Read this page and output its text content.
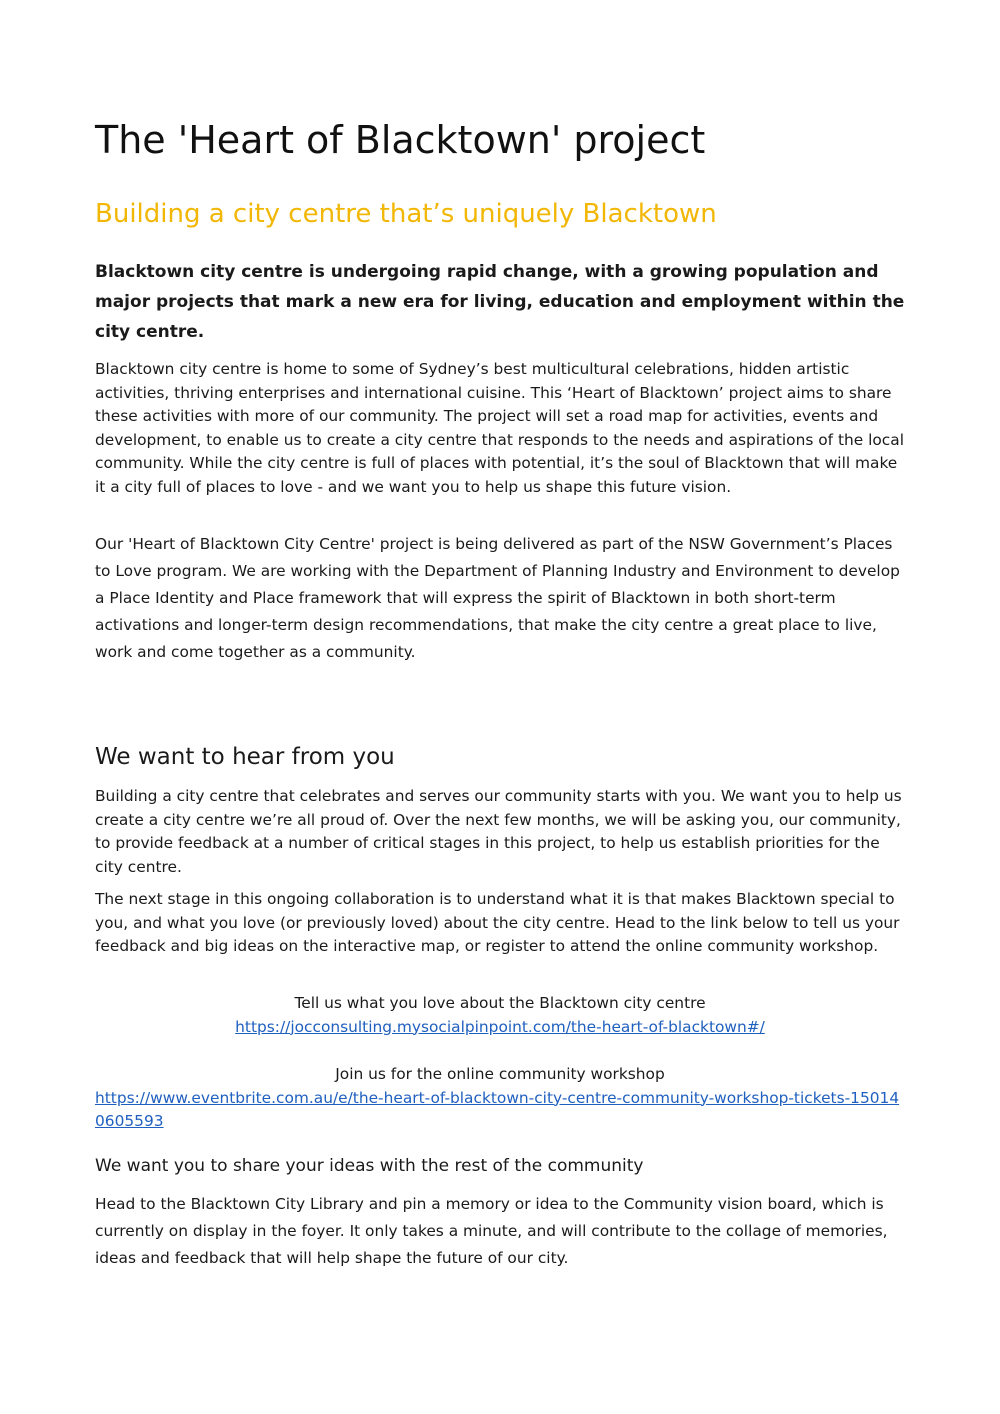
The 'Heart of Blacktown' project
Building a city centre that’s uniquely Blacktown

Blacktown city centre is undergoing rapid change, with a growing population and major projects that mark a new era for living, education and employment within the city centre.

Blacktown city centre is home to some of Sydney’s best multicultural celebrations, hidden artistic activities, thriving enterprises and international cuisine. This ‘Heart of Blacktown’ project aims to share these activities with more of our community. The project will set a road map for activities, events and development, to enable us to create a city centre that responds to the needs and aspirations of the local community. While the city centre is full of places with potential, it’s the soul of Blacktown that will make it a city full of places to love - and we want you to help us shape this future vision.

Our 'Heart of Blacktown City Centre' project is being delivered as part of the NSW Government’s Places to Love program. We are working with the Department of Planning Industry and Environment to develop a Place Identity and Place framework that will express the spirit of Blacktown in both short-term activations and longer-term design recommendations, that make the city centre a great place to live, work and come together as a community.

We want to hear from you

Building a city centre that celebrates and serves our community starts with you. We want you to help us create a city centre we’re all proud of. Over the next few months, we will be asking you, our community, to provide feedback at a number of critical stages in this project, to help us establish priorities for the city centre.

The next stage in this ongoing collaboration is to understand what it is that makes Blacktown special to you, and what you love (or previously loved) about the city centre. Head to the link below to tell us your feedback and big ideas on the interactive map, or register to attend the online community workshop.

Tell us what you love about the Blacktown city centre
https://jocconsulting.mysocialpinpoint.com/the-heart-of-blacktown#/
Join us for the online community workshop
https://www.eventbrite.com.au/e/the-heart-of-blacktown-city-centre-community-workshop-tickets-150140605593
We want you to share your ideas with the rest of the community

Head to the Blacktown City Library and pin a memory or idea to the Community vision board, which is currently on display in the foyer. It only takes a minute, and will contribute to the collage of memories, ideas and feedback that will help shape the future of our city.
